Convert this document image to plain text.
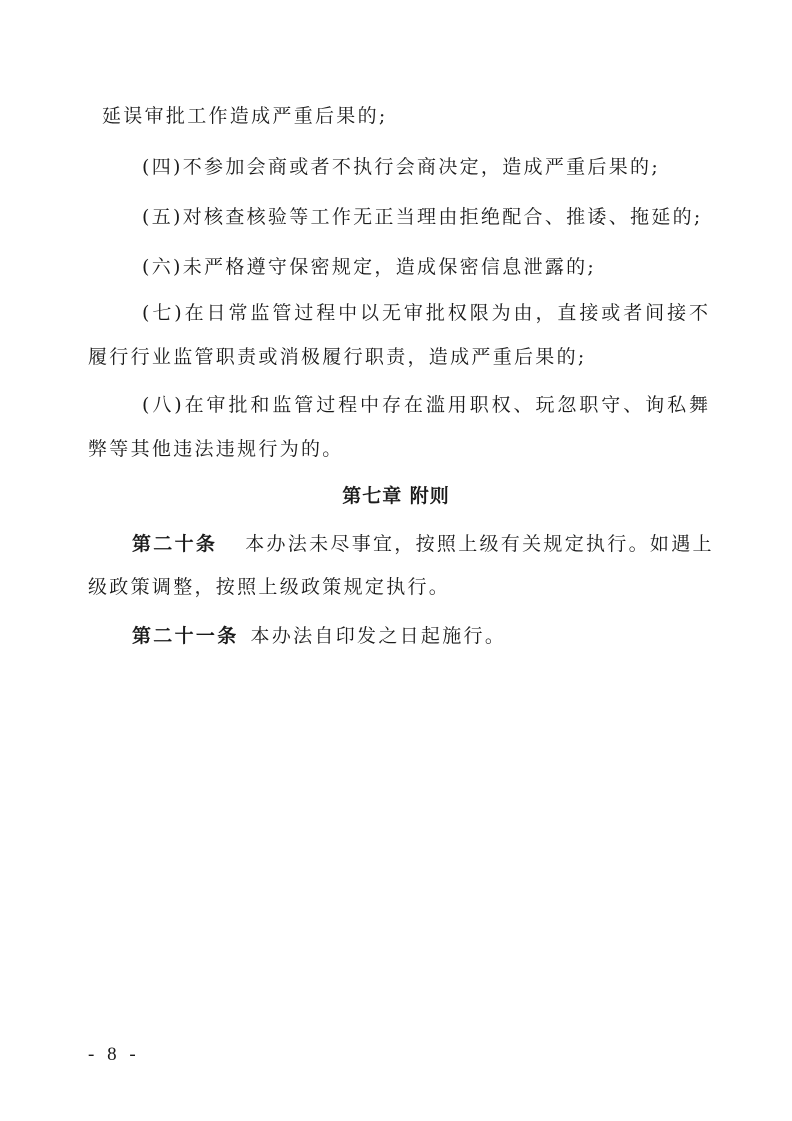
延误审批工作造成严重后果的;
(四)不参加会商或者不执行会商决定，造成严重后果的;
(五)对核查核验等工作无正当理由拒绝配合、推诿、拖延的;
(六)未严格遵守保密规定，造成保密信息泄露的;
(七)在日常监管过程中以无审批权限为由，直接或者间接不
履行行业监管职责或消极履行职责，造成严重后果的;
(八)在审批和监管过程中存在滥用职权、玩忽职守、询私舞
弊等其他违法违规行为的。
第七章 附则
第二十条 本办法未尽事宜，按照上级有关规定执行。如遇上
级政策调整，按照上级政策规定执行。
第二十一条 本办法自印发之日起施行。
- 8 -
